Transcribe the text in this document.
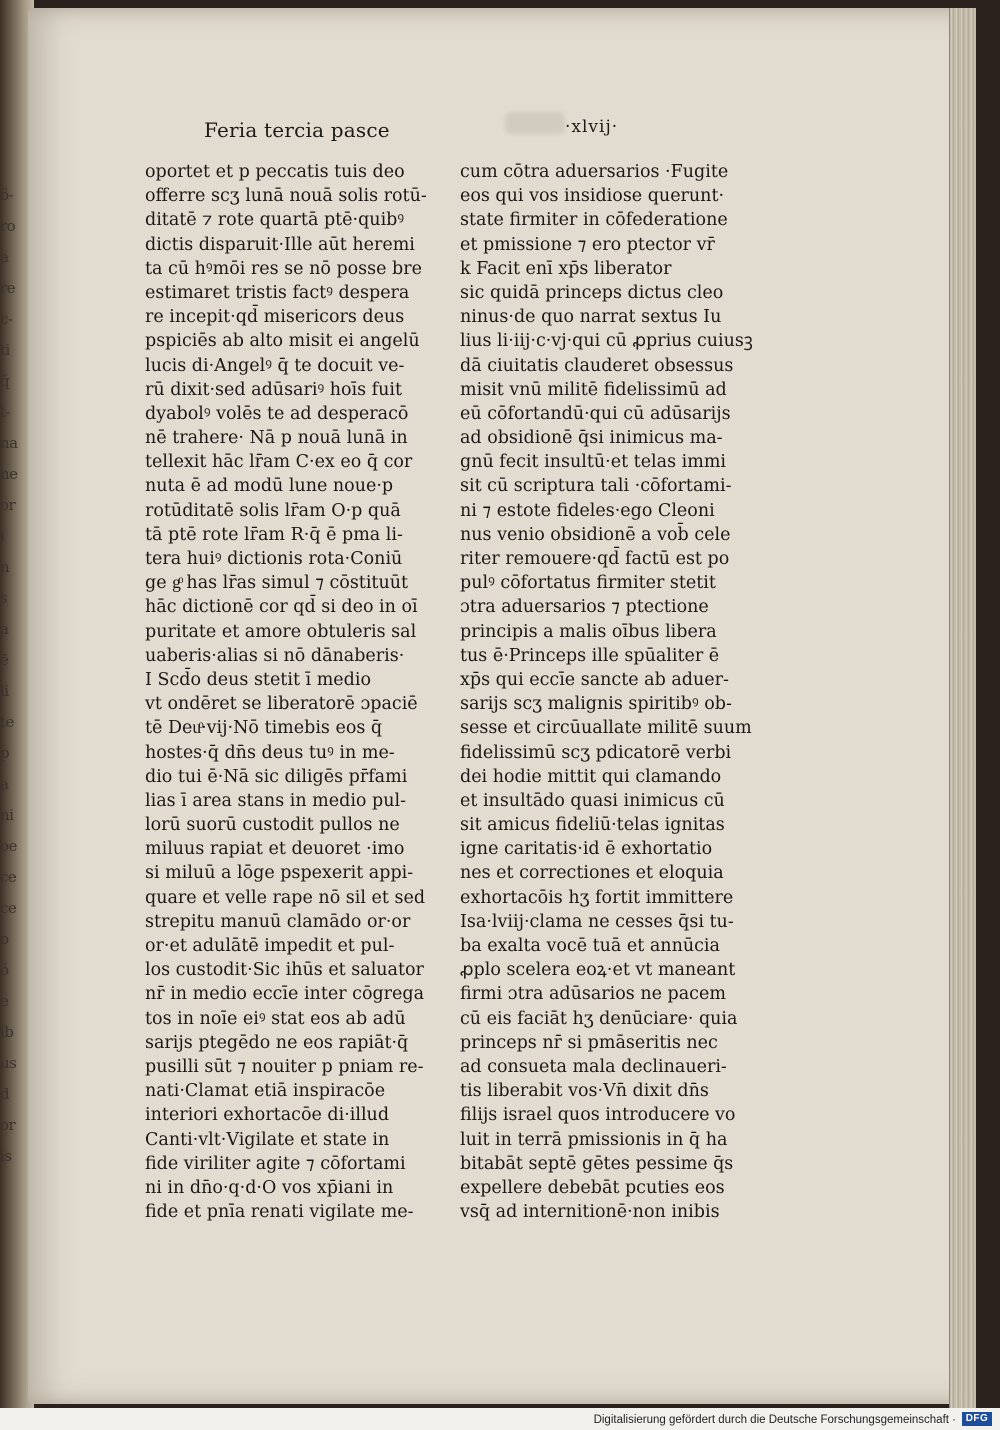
ö-
ro
a
re
c-
ti
q̃
t-
na
ne
or
i
n
s
a
ē
li
te
p
a
ni
oe
ce
ce
o
ó
e
ib
us
d
or
is
Feria tercia pasce	·xlvij·
oportet et p peccatis tuis deo
offerre scʒ lunā nouā solis rotū-
ditatē ⁊ rote quartā ptē·quibꝰ
dictis disparuit·Ille aūt heremi
ta cū hꝰmōi res se nō posse bre
estimaret tristis factꝰ despera
re incepit·qd̄ misericors deus
pspiciēs ab alto misit ei angelū
lucis di·Angelꝰ q̄ te docuit ve-
rū dixit·sed adūsariꝰ hoīs fuit
dyabolꝰ volēs te ad desperacō
nē trahere· Nā p nouā lunā in
tellexit hāc lr̄am C·ex eo q̄ cor
nuta ē ad modū lune noue·p
rotūditatē solis lr̄am O·p quā
tā ptē rote lr̄am R·q̄ ē pma li-
tera huiꝰ dictionis rota·Coniū
ge gͦ has lr̄as simul ⁊ cōstituūt
hāc dictionē cor qd̄ si deo in oī
puritate et amore obtuleris sal
uaberis·alias si nō dānaberis·
I Scd̄o deus stetit ī medio
vt ondēret se liberatorē ɔpaciē
tē Deuͦ·vij·Nō timebis eos q̄
hostes·q̄ dn̄s deus tuꝰ in me-
dio tui ē·Nā sic diligēs pr̄fami
lias ī area stans in medio pul-
lorū suorū custodit pullos ne
miluus rapiat et deuoret ·imo
si miluū a lōge pspexerit appi-
quare et velle rape nō sil et sed
strepitu manuū clamādo or·or
or·et adulātē impedit et pul-
los custodit·Sic ihūs et saluator
nr̄ in medio eccīe inter cōgrega
tos in noīe eiꝰ stat eos ab adū
sarijs ptegēdo ne eos rapiāt·q̄
pusilli sūt ⁊ nouiter p pniam re-
nati·Clamat etiā inspiracōe
interiori exhortacōe di·illud
Canti·vlt·Vigilate et state in
fide viriliter agite ⁊ cōfortami
ni in dn̄o·q·d·O vos xp̄iani in
fide et pnīa renati vigilate me-
cum cōtra aduersarios ·Fugite
eos qui vos insidiose querunt·
state firmiter in cōfederatione
et pmissione ⁊ ero ptector vr̄
k Facit enī xp̄s liberator
sic quidā princeps dictus cleo
ninus·de quo narrat sextus Iu
lius li·iij·c·vj·qui cū ꝓprius cuiusꝫ
dā ciuitatis clauderet obsessus
misit vnū militē fidelissimū ad
eū cōfortandū·qui cū adūsarijs
ad obsidionē q̄si inimicus ma-
gnū fecit insultū·et telas immi
sit cū scriptura tali ·cōfortami-
ni ⁊ estote fideles·ego Cleoni
nus venio obsidionē a vob̄ cele
riter remouere·qd̄ factū est po
pulꝰ cōfortatus firmiter stetit
ɔtra aduersarios ⁊ ptectione
principis a malis oībus libera
tus ē·Princeps ille spūaliter ē
xp̄s qui eccīe sancte ab aduer-
sarijs scʒ malignis spiritibꝰ ob-
sesse et circūuallate militē suum
fidelissimū scʒ pdicatorē verbi
dei hodie mittit qui clamando
et insultādo quasi inimicus cū
sit amicus fideliū·telas ignitas
igne caritatis·id ē exhortatio
nes et correctiones et eloquia
exhortacōis hʒ fortit immittere
Isa·lviij·clama ne cesses q̄si tu-
ba exalta vocē tuā et annūcia
ꝓplo scelera eoꝝ·et vt maneant
firmi ɔtra adūsarios ne pacem
cū eis faciāt hʒ denūciare· quia
princeps nr̄ si pmāseritis nec
ad consueta mala declinaueri-
tis liberabit vos·Vn̄ dixit dn̄s
filijs israel quos introducere vo
luit in terrā pmissionis in q̄ ha
bitabāt septē gētes pessime q̄s
expellere debebāt pcuties eos
vsq̄ ad internitionē·non inibis
Digitalisierung gefördert durch die Deutsche Forschungsgemeinschaft · DFG
